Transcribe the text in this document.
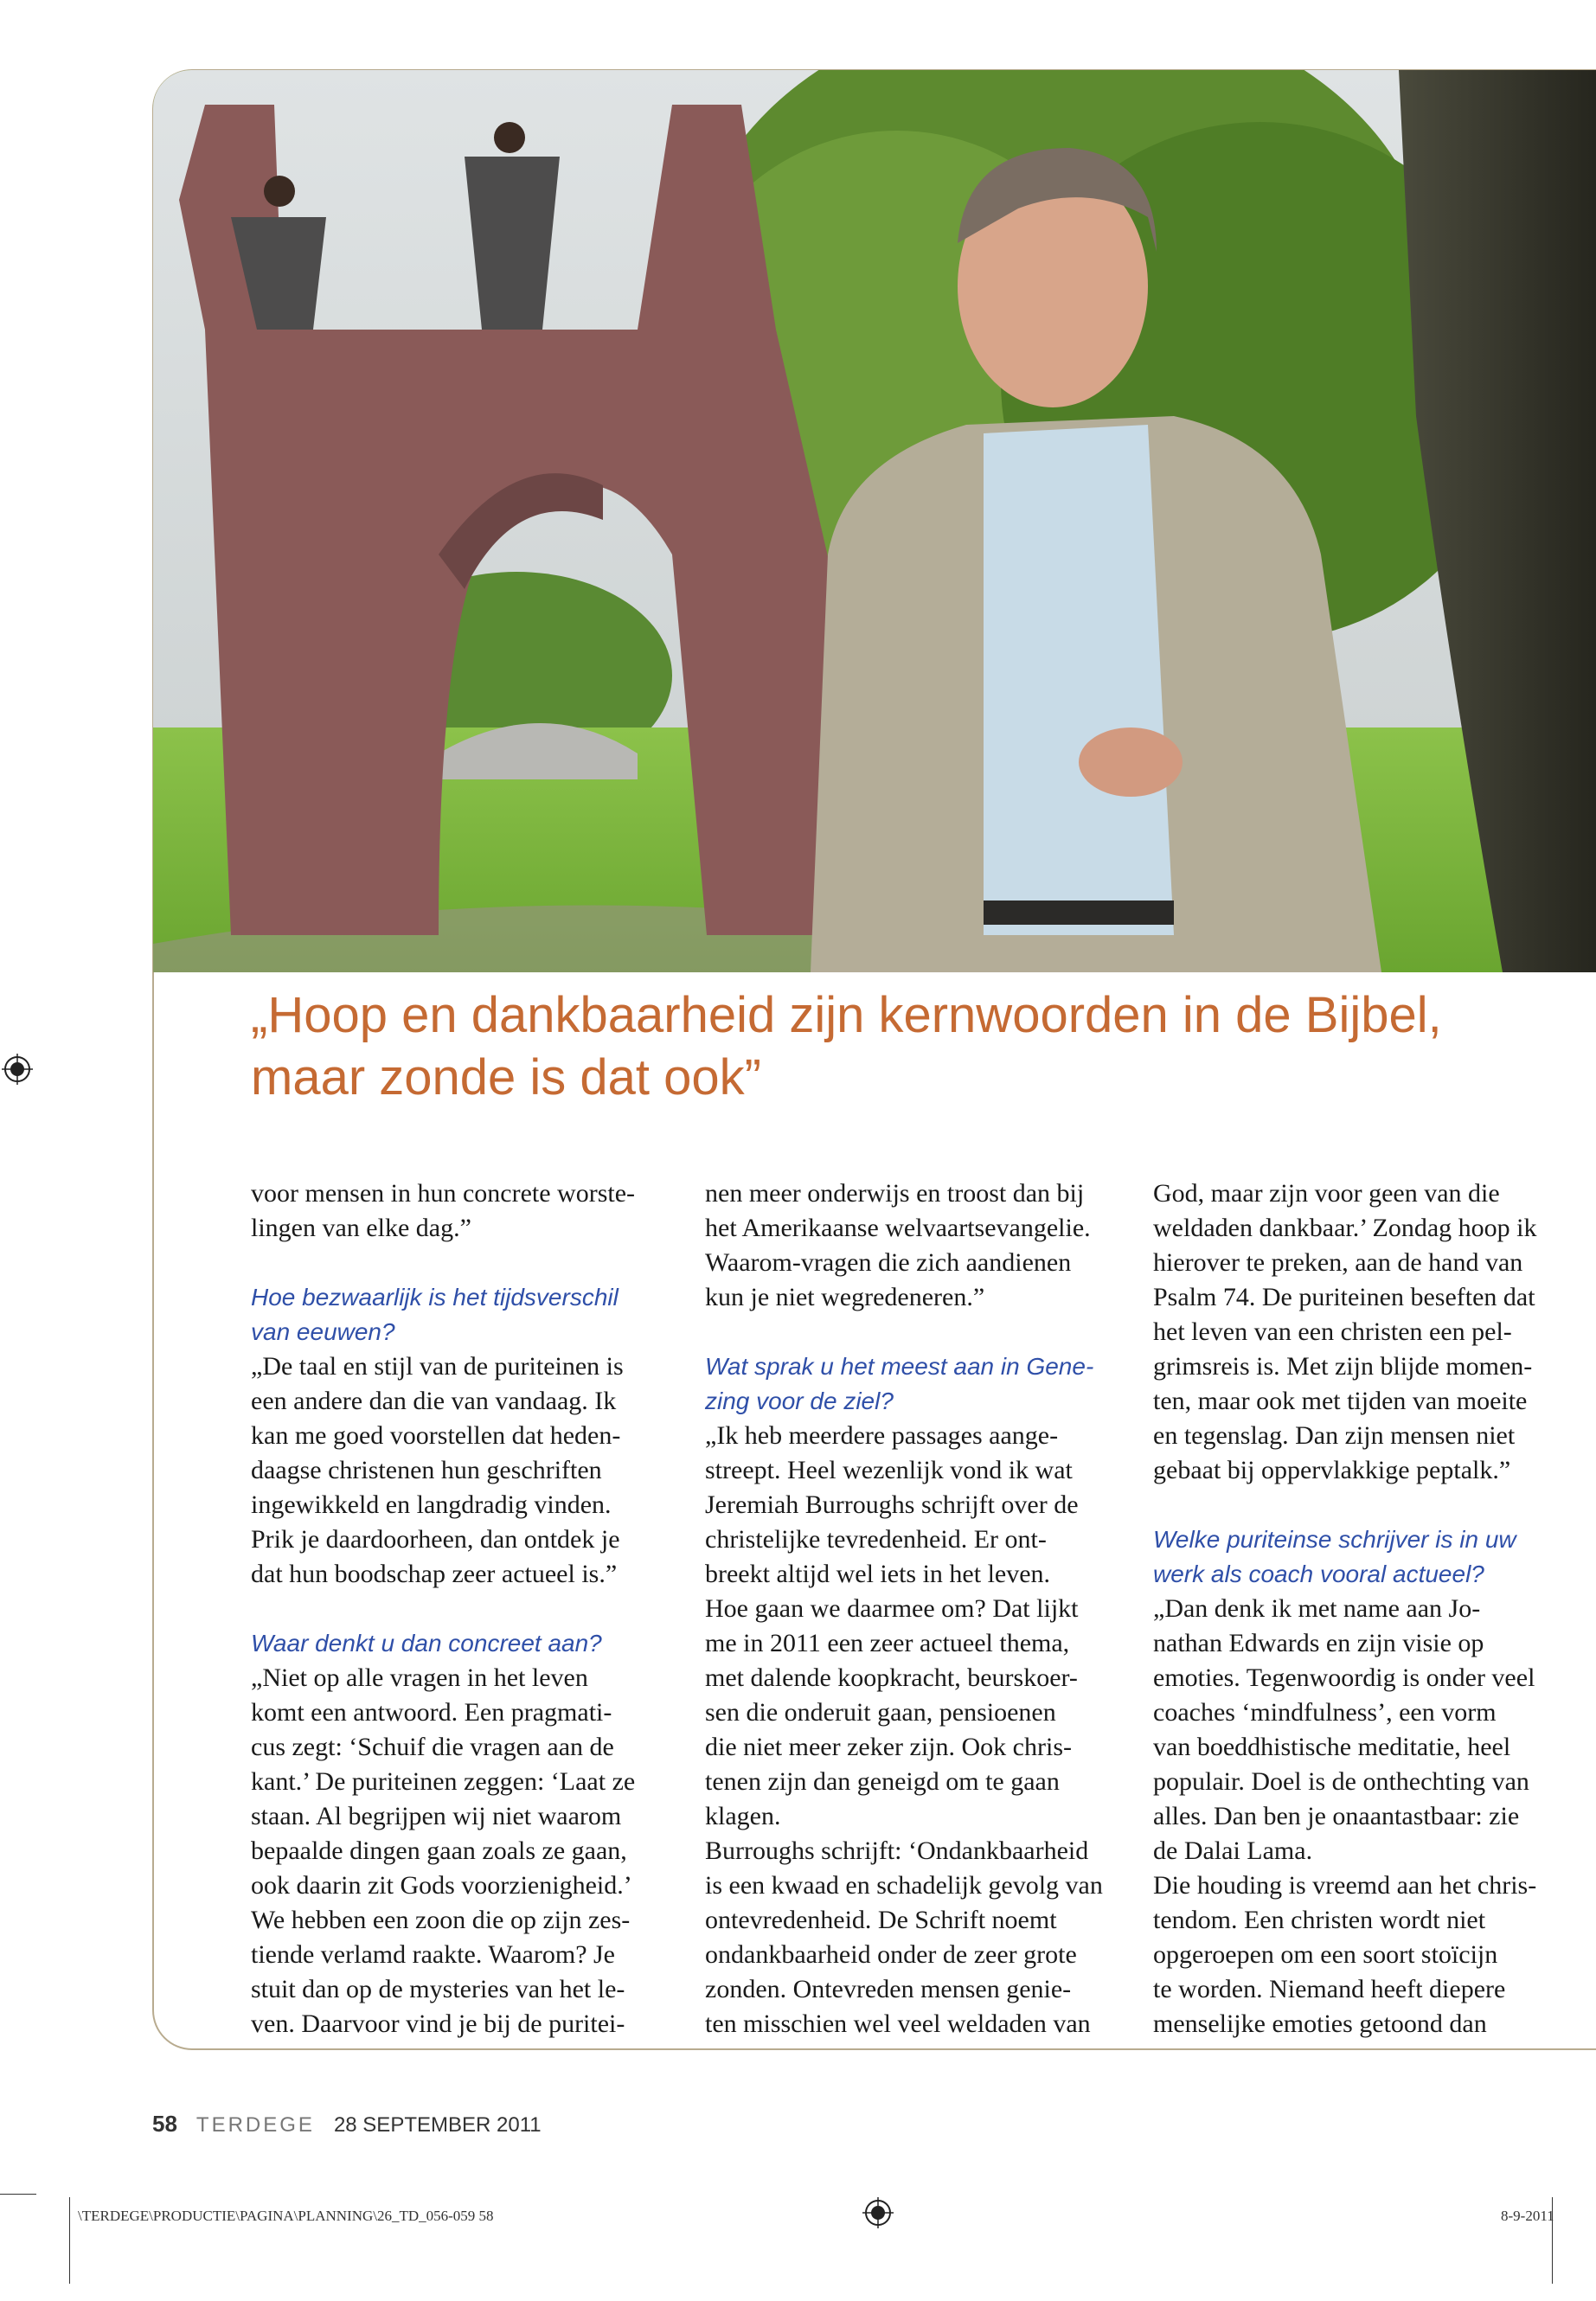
„Hoop en dankbaarheid zijn kernwoorden in de Bijbel,
maar zonde is dat ook”

voor mensen in hun concrete worste-
lingen van elke dag.”

Hoe bezwaarlijk is het tijdsverschil
van eeuwen?

„De taal en stijl van de puriteinen is
een andere dan die van vandaag. Ik
kan me goed voorstellen dat heden-
daagse christenen hun geschriften
ingewikkeld en langdradig vinden.
Prik je daardoorheen, dan ontdek je
dat hun boodschap zeer actueel is.”

Waar denkt u dan concreet aan?

„Niet op alle vragen in het leven
komt een antwoord. Een pragmati-
cus zegt: ‘Schuif die vragen aan de
kant.’ De puriteinen zeggen: ‘Laat ze
staan. Al begrijpen wij niet waarom
bepaalde dingen gaan zoals ze gaan,
ook daarin zit Gods voorzienigheid.’
We hebben een zoon die op zijn zes-
tiende verlamd raakte. Waarom? Je
stuit dan op de mysteries van het le-
ven. Daarvoor vind je bij de puritei-

nen meer onderwijs en troost dan bij
het Amerikaanse welvaartsevangelie.
Waarom-vragen die zich aandienen
kun je niet wegredeneren.”

Wat sprak u het meest aan in Gene-
zing voor de ziel?

„Ik heb meerdere passages aange-
streept. Heel wezenlijk vond ik wat
Jeremiah Burroughs schrijft over de
christelijke tevredenheid. Er ont-
breekt altijd wel iets in het leven.
Hoe gaan we daarmee om? Dat lijkt
me in 2011 een zeer actueel thema,
met dalende koopkracht, beurskoer-
sen die onderuit gaan, pensioenen
die niet meer zeker zijn. Ook chris-
tenen zijn dan geneigd om te gaan
klagen.
Burroughs schrijft: ‘Ondankbaarheid
is een kwaad en schadelijk gevolg van
ontevredenheid. De Schrift noemt
ondankbaarheid onder de zeer grote
zonden. Ontevreden mensen genie-
ten misschien wel veel weldaden van

God, maar zijn voor geen van die
weldaden dankbaar.’ Zondag hoop ik
hierover te preken, aan de hand van
Psalm 74. De puriteinen beseften dat
het leven van een christen een pel-
grimsreis is. Met zijn blijde momen-
ten, maar ook met tijden van moeite
en tegenslag. Dan zijn mensen niet
gebaat bij oppervlakkige peptalk.”

Welke puriteinse schrijver is in uw
werk als coach vooral actueel?

„Dan denk ik met name aan Jo-
nathan Edwards en zijn visie op
emoties. Tegenwoordig is onder veel
coaches ‘mindfulness’, een vorm
van boeddhistische meditatie, heel
populair. Doel is de onthechting van
alles. Dan ben je onaantastbaar: zie
de Dalai Lama.
Die houding is vreemd aan het chris-
tendom. Een christen wordt niet
opgeroepen om een soort stoïcijn
te worden. Niemand heeft diepere
menselijke emoties getoond dan

58 TERDEGE 28 SEPTEMBER 2011
\TERDEGE\PRODUCTIE\PAGINA\PLANNING\26_TD_056-059 58	8-9-2011
